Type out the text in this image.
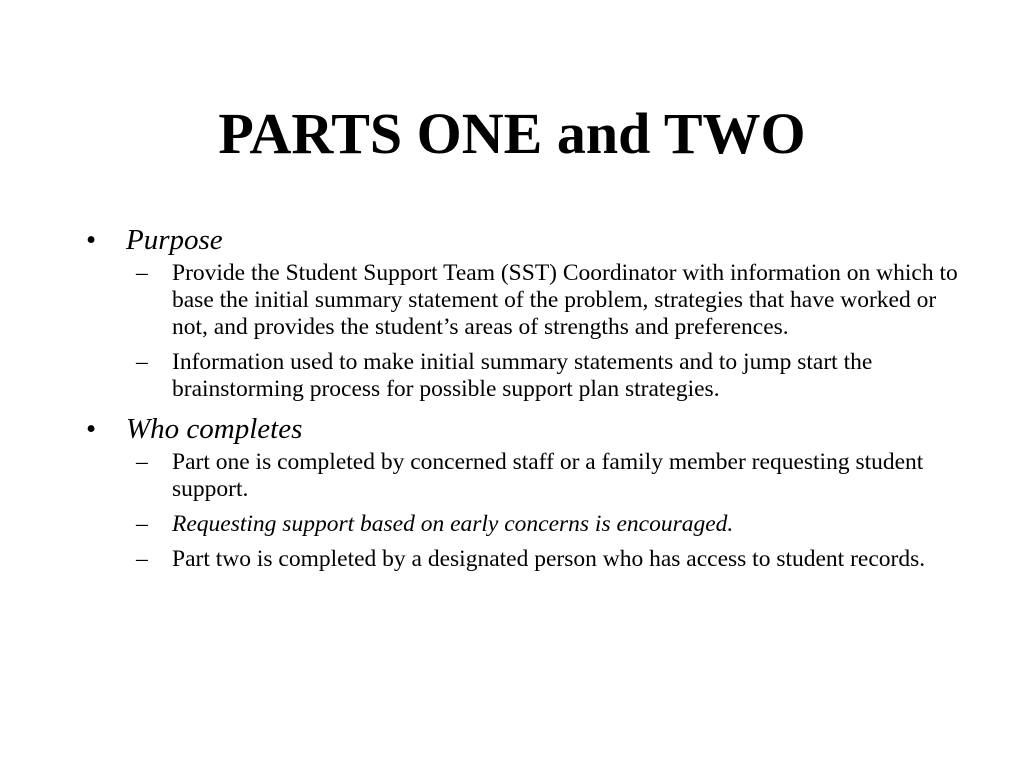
PARTS ONE and TWO
• Purpose
– Provide the Student Support Team (SST) Coordinator with information on which to base the initial summary statement of the problem, strategies that have worked or not, and provides the student’s areas of strengths and preferences.
– Information used to make initial summary statements and to jump start the brainstorming process for possible support plan strategies.
• Who completes
– Part one is completed by concerned staff or a family member requesting student support.
– Requesting support based on early concerns is encouraged.
– Part two is completed by a designated person who has access to student records.
